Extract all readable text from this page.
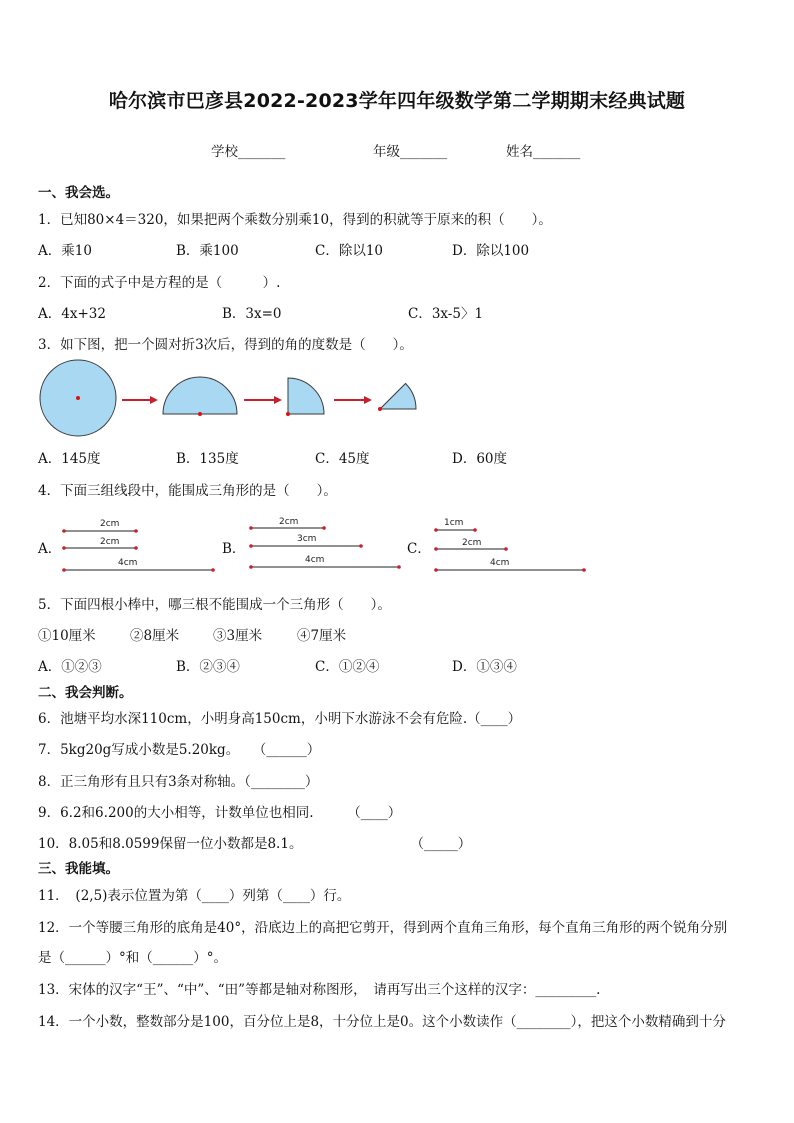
哈尔滨市巴彦县2022-2023学年四年级数学第二学期期末经典试题
学校_______	年级_______	姓名_______
一、我会选。
1．已知80×4＝320，如果把两个乘数分别乘10，得到的积就等于原来的积（　　）。
A．乘10	B．乘100	C．除以10	D．除以100
2．下面的式子中是方程的是（　　　）.
A．4x+32	B．3x=0	C．3x-5〉1
3．如下图，把一个圆对折3次后，得到的角的度数是（　　）。
A．145度	B．135度	C．45度	D．60度
4．下面三组线段中，能围成三角形的是（　　）。
A．
2cm
2cm
4cm
B．
2cm
3cm
4cm
C．
1cm
2cm
4cm
5．下面四根小棒中，哪三根不能围成一个三角形（　　）。
①10厘米	②8厘米	③3厘米	④7厘米
A．①②③	B．②③④	C．①②④	D．①③④
二、我会判断。
6．池塘平均水深110cm，小明身高150cm，小明下水游泳不会有危险.（____）
7．5kg20g写成小数是5.20kg。　　（______）
8．正三角形有且只有3条对称轴。（________）
9．6.2和6.200的大小相等，计数单位也相同.　　　（____）
10．8.05和8.0599保留一位小数都是8.1。　　　　　　　　　（_____）
三、我能填。
11．　(2,5)表示位置为第（____）列第（____）行。
12．一个等腰三角形的底角是40°，沿底边上的高把它剪开，得到两个直角三角形，每个直角三角形的两个锐角分别
是（______）°和（______）°。
13．宋体的汉字“王”、“中”、“田”等都是轴对称图形，　请再写出三个这样的汉字：_________.
14．一个小数，整数部分是100，百分位上是8，十分位上是0。这个小数读作（________），把这个小数精确到十分
